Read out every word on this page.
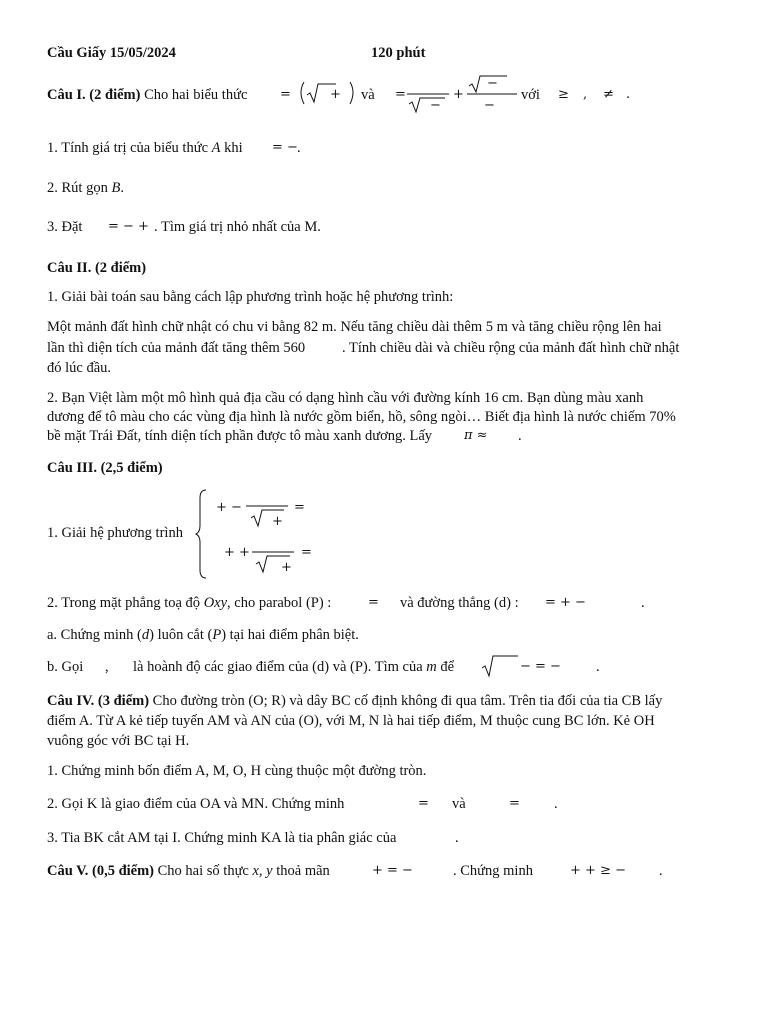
Cầu Giấy 15/05/2024	120 phút
Câu I. (2 điểm) Cho hai biểu thức	=	+ và =
−
+
−
−
với ≥ , ≠ .
1. Tính giá trị của biểu thức A khi = − .
2. Rút gọn B.
3. Đặt = − + . Tìm giá trị nhỏ nhất của M.
Câu II. (2 điểm)
1. Giải bài toán sau bằng cách lập phương trình hoặc hệ phương trình:
Một mảnh đất hình chữ nhật có chu vi bằng 82 m. Nếu tăng chiều dài thêm 5 m và tăng chiều rộng lên hai
lần thì diện tích của mảnh đất tăng thêm 560	. Tính chiều dài và chiều rộng của mảnh đất hình chữ nhật
đó lúc đầu.
2. Bạn Việt làm một mô hình quả địa cầu có dạng hình cầu với đường kính 16 cm. Bạn dùng màu xanh
dương để tô màu cho các vùng địa hình là nước gồm biển, hồ, sông ngòi… Biết địa hình là nước chiếm 70%
bề mặt Trái Đất, tính diện tích phần được tô màu xanh dương. Lấy π ≈ .
Câu III. (2,5 điểm)
1. Giải hệ phương trình
+ −	=
+
+ +	=
+
2. Trong mặt phẳng toạ độ Oxy, cho parabol (P) :	= và đường thẳng (d) : = + −	.
a. Chứng minh (d) luôn cắt (P) tại hai điểm phân biệt.
b. Gọi , là hoành độ các giao điểm của (d) và (P). Tìm của m để	− = − .
Câu IV. (3 điểm) Cho đường tròn (O; R) và dây BC cố định không đi qua tâm. Trên tia đối của tia CB lấy
điểm A. Từ A kẻ tiếp tuyến AM và AN của (O), với M, N là hai tiếp điểm, M thuộc cung BC lớn. Kẻ OH
vuông góc với BC tại H.
1. Chứng minh bốn điểm A, M, O, H cùng thuộc một đường tròn.
2. Gọi K là giao điểm của OA và MN. Chứng minh	= và	= .
3. Tia BK cắt AM tại I. Chứng minh KA là tia phân giác của	.
Câu V. (0,5 điểm) Cho hai số thực x, y thoả mãn	+ = −	. Chứng minh	+ + ≥ − .
